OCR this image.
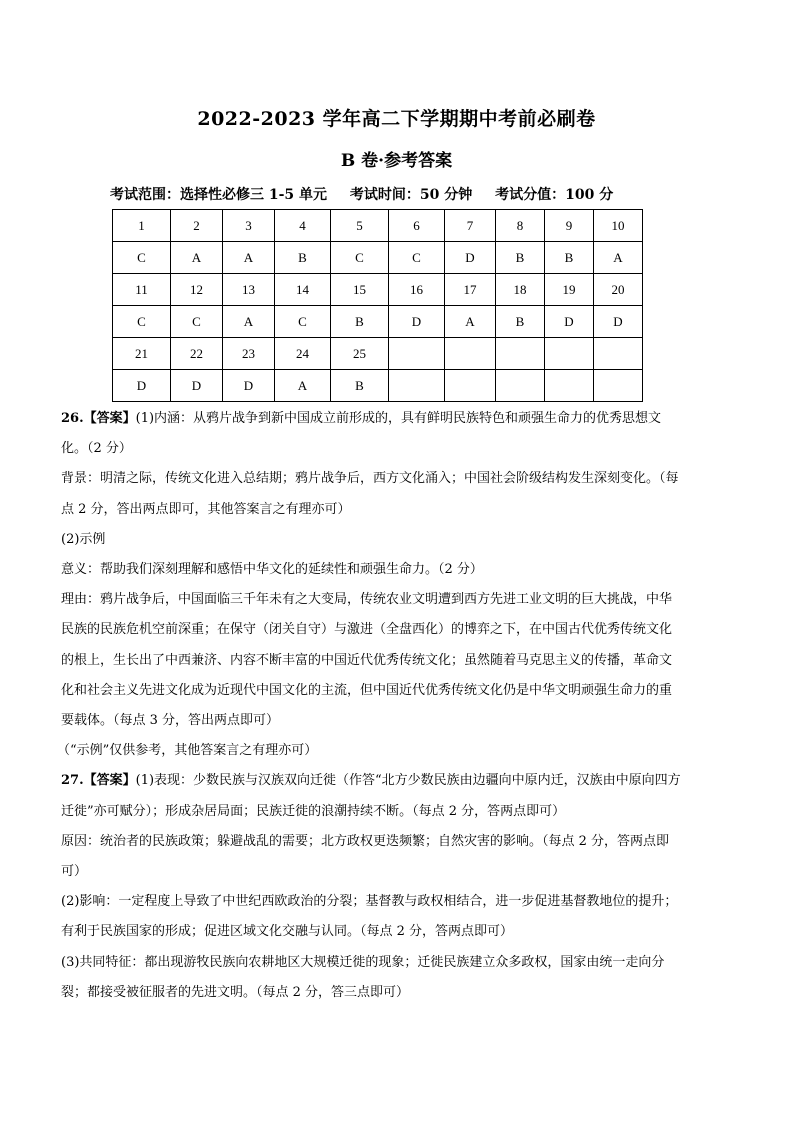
2022-2023 学年高二下学期期中考前必刷卷
B 卷·参考答案
考试范围：选择性必修三 1-5 单元 考试时间：50 分钟 考试分值：100 分
1	2	3	4	5	6	7	8	9	10
C	A	A	B	C	C	D	B	B	A
11	12	13	14	15	16	17	18	19	20
C	C	A	C	B	D	A	B	D	D
21	22	23	24	25					
D	D	D	A	B					

26.【答案】(1)内涵：从鸦片战争到新中国成立前形成的，具有鲜明民族特色和顽强生命力的优秀思想文化。（2 分）

背景：明清之际，传统文化进入总结期；鸦片战争后，西方文化涌入；中国社会阶级结构发生深刻变化。（每点 2 分，答出两点即可，其他答案言之有理亦可）

(2)示例

意义：帮助我们深刻理解和感悟中华文化的延续性和顽强生命力。（2 分）

理由：鸦片战争后，中国面临三千年未有之大变局，传统农业文明遭到西方先进工业文明的巨大挑战，中华民族的民族危机空前深重；在保守（闭关自守）与激进（全盘西化）的博弈之下，在中国古代优秀传统文化的根上，生长出了中西兼济、内容不断丰富的中国近代优秀传统文化；虽然随着马克思主义的传播，革命文化和社会主义先进文化成为近现代中国文化的主流，但中国近代优秀传统文化仍是中华文明顽强生命力的重要载体。（每点 3 分，答出两点即可）

（“示例”仅供参考，其他答案言之有理亦可）

27.【答案】(1)表现：少数民族与汉族双向迁徙（作答“北方少数民族由边疆向中原内迁，汉族由中原向四方迁徙”亦可赋分）；形成杂居局面；民族迁徙的浪潮持续不断。（每点 2 分，答两点即可）

原因：统治者的民族政策；躲避战乱的需要；北方政权更迭频繁；自然灾害的影响。（每点 2 分，答两点即可）

(2)影响：一定程度上导致了中世纪西欧政治的分裂；基督教与政权相结合，进一步促进基督教地位的提升；有利于民族国家的形成；促进区域文化交融与认同。（每点 2 分，答两点即可）

(3)共同特征：都出现游牧民族向农耕地区大规模迁徙的现象；迁徙民族建立众多政权，国家由统一走向分裂；都接受被征服者的先进文明。（每点 2 分，答三点即可）
